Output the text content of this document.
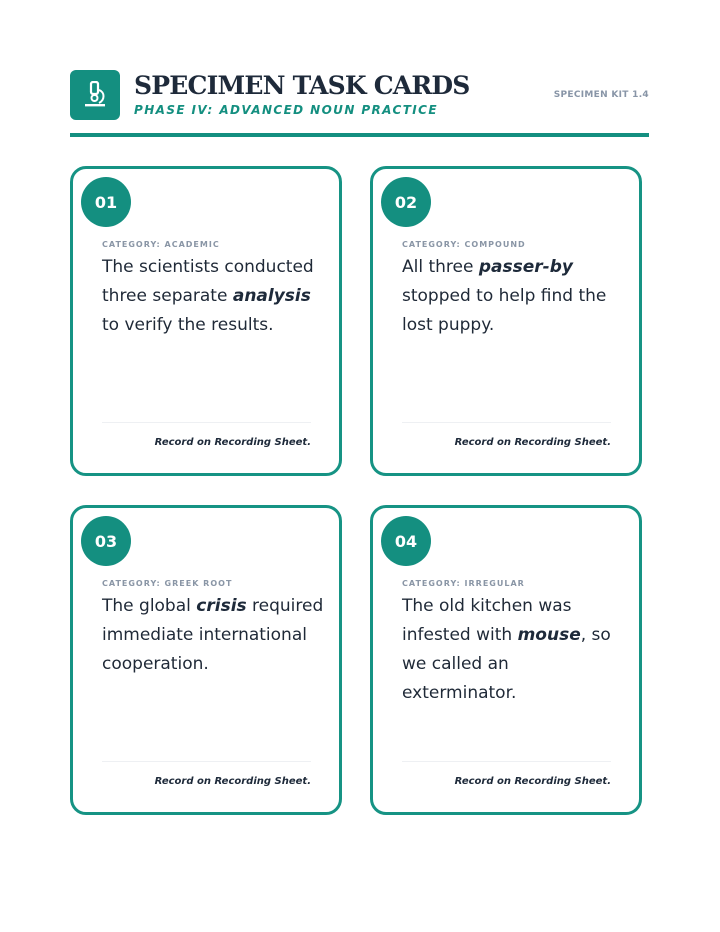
SPECIMEN TASK CARDS
PHASE IV: ADVANCED NOUN PRACTICE
SPECIMEN KIT 1.4
01
CATEGORY: ACADEMIC

The scientists conducted three separate analysis to verify the results.

Record on Recording Sheet.
02
CATEGORY: COMPOUND

All three passer-by stopped to help find the lost puppy.

Record on Recording Sheet.
03
CATEGORY: GREEK ROOT

The global crisis required immediate international cooperation.

Record on Recording Sheet.
04
CATEGORY: IRREGULAR

The old kitchen was infested with mouse, so we called an exterminator.

Record on Recording Sheet.
